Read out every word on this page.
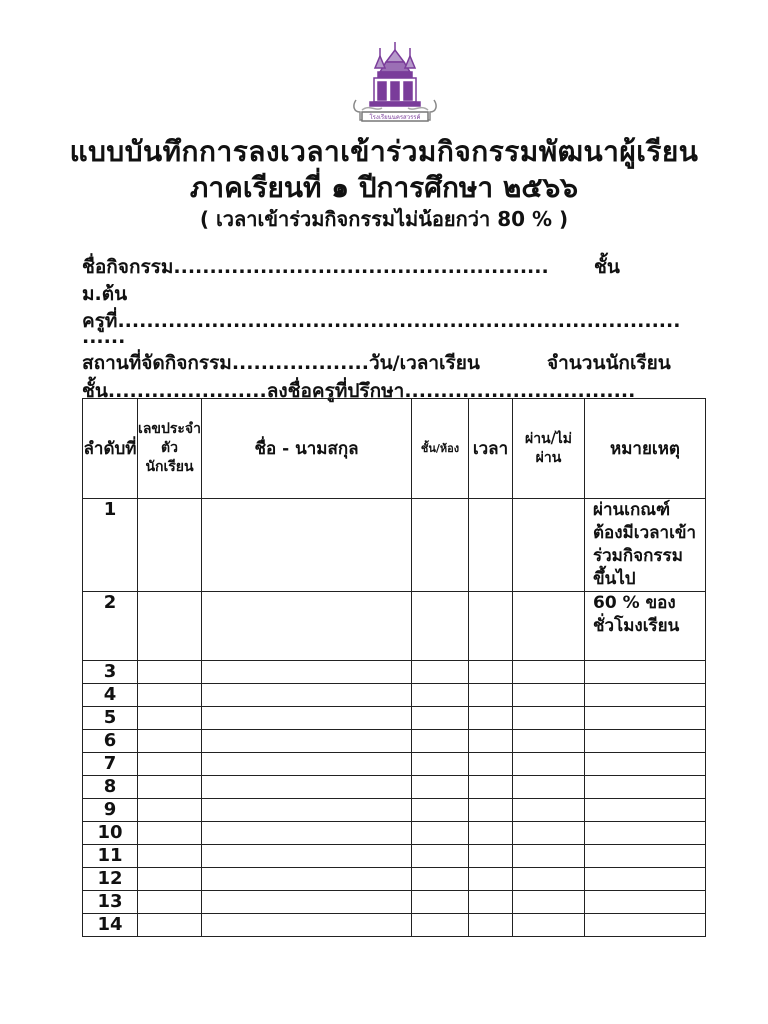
โรงเรียนนครสวรรค์
แบบบันทึกการลงเวลาเข้าร่วมกิจกรรมพัฒนาผู้เรียน
ภาคเรียนที่ ๑ ปีการศึกษา ๒๕๖๖
( เวลาเข้าร่วมกิจกรรมไม่น้อยกว่า 80 % )
ชื่อกิจกรรม.................................................... ชั้น
ม.ต้น
ครูที่..............................................................................
......
สถานที่จัดกิจกรรม...................วัน/เวลาเรียน	จำนวนนักเรียน
ชั้น......................ลงชื่อครูที่ปรึกษา................................
ลำดับที่	เลขประจำตัว นักเรียน	ชื่อ - นามสกุล	ชั้น/ห้อง	เวลา	ผ่าน/ไม่ผ่าน	หมายเหตุ
1						ผ่านเกณฑ์ ต้องมีเวลาเข้าร่วมกิจกรรม ขึ้นไป
2						60 % ของชั่วโมงเรียน
3						
4						
5						
6						
7						
8						
9						
10						
11						
12						
13						
14						
